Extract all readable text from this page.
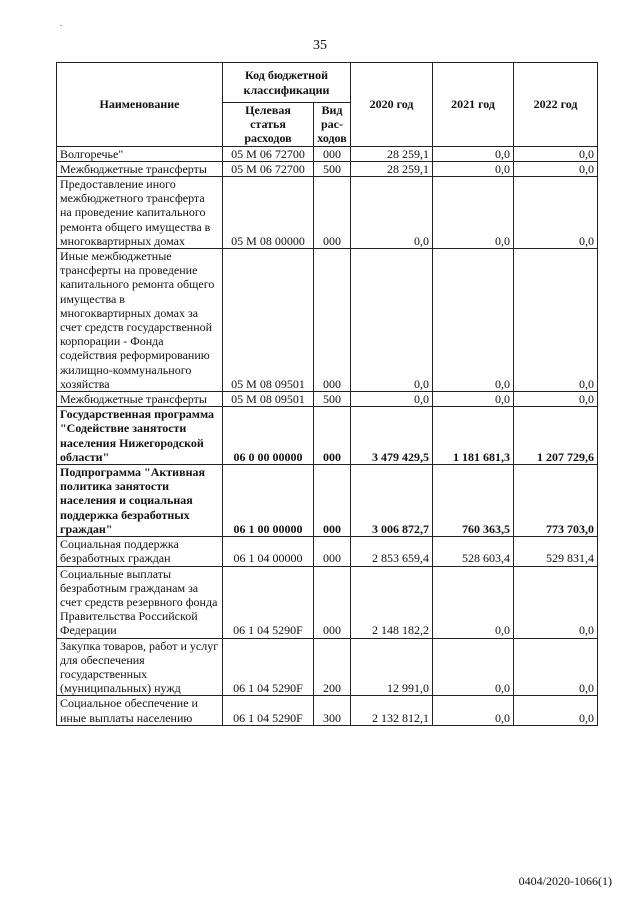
.
35
Наименование	Код бюджетной классификации		2020 год	2021 год	2022 год
	Целевая статья расходов	Вид рас-ходов			
Волгоречье"	05 М 06 72700	000	28 259,1	0,0	0,0
Межбюджетные трансферты	05 М 06 72700	500	28 259,1	0,0	0,0
Предоставление иного межбюджетного трансферта на проведение капитального ремонта общего имущества в многоквартирных домах	05 М 08 00000	000	0,0	0,0	0,0
Иные межбюджетные трансферты на проведение капитального ремонта общего имущества в многоквартирных домах за счет средств государственной корпорации - Фонда содействия реформированию жилищно-коммунального хозяйства	05 М 08 09501	000	0,0	0,0	0,0
Межбюджетные трансферты	05 М 08 09501	500	0,0	0,0	0,0
Государственная программа "Содействие занятости населения Нижегородской области"	06 0 00 00000	000	3 479 429,5	1 181 681,3	1 207 729,6
Подпрограмма "Активная политика занятости населения и социальная поддержка безработных граждан"	06 1 00 00000	000	3 006 872,7	760 363,5	773 703,0
Социальная поддержка безработных граждан	06 1 04 00000	000	2 853 659,4	528 603,4	529 831,4
Социальные выплаты безработным гражданам за счет средств резервного фонда Правительства Российской Федерации	06 1 04 5290F	000	2 148 182,2	0,0	0,0
Закупка товаров, работ и услуг для обеспечения государственных (муниципальных) нужд	06 1 04 5290F	200	12 991,0	0,0	0,0
Социальное обеспечение и иные выплаты населению	06 1 04 5290F	300	2 132 812,1	0,0	0,0
0404/2020-1066(1)
